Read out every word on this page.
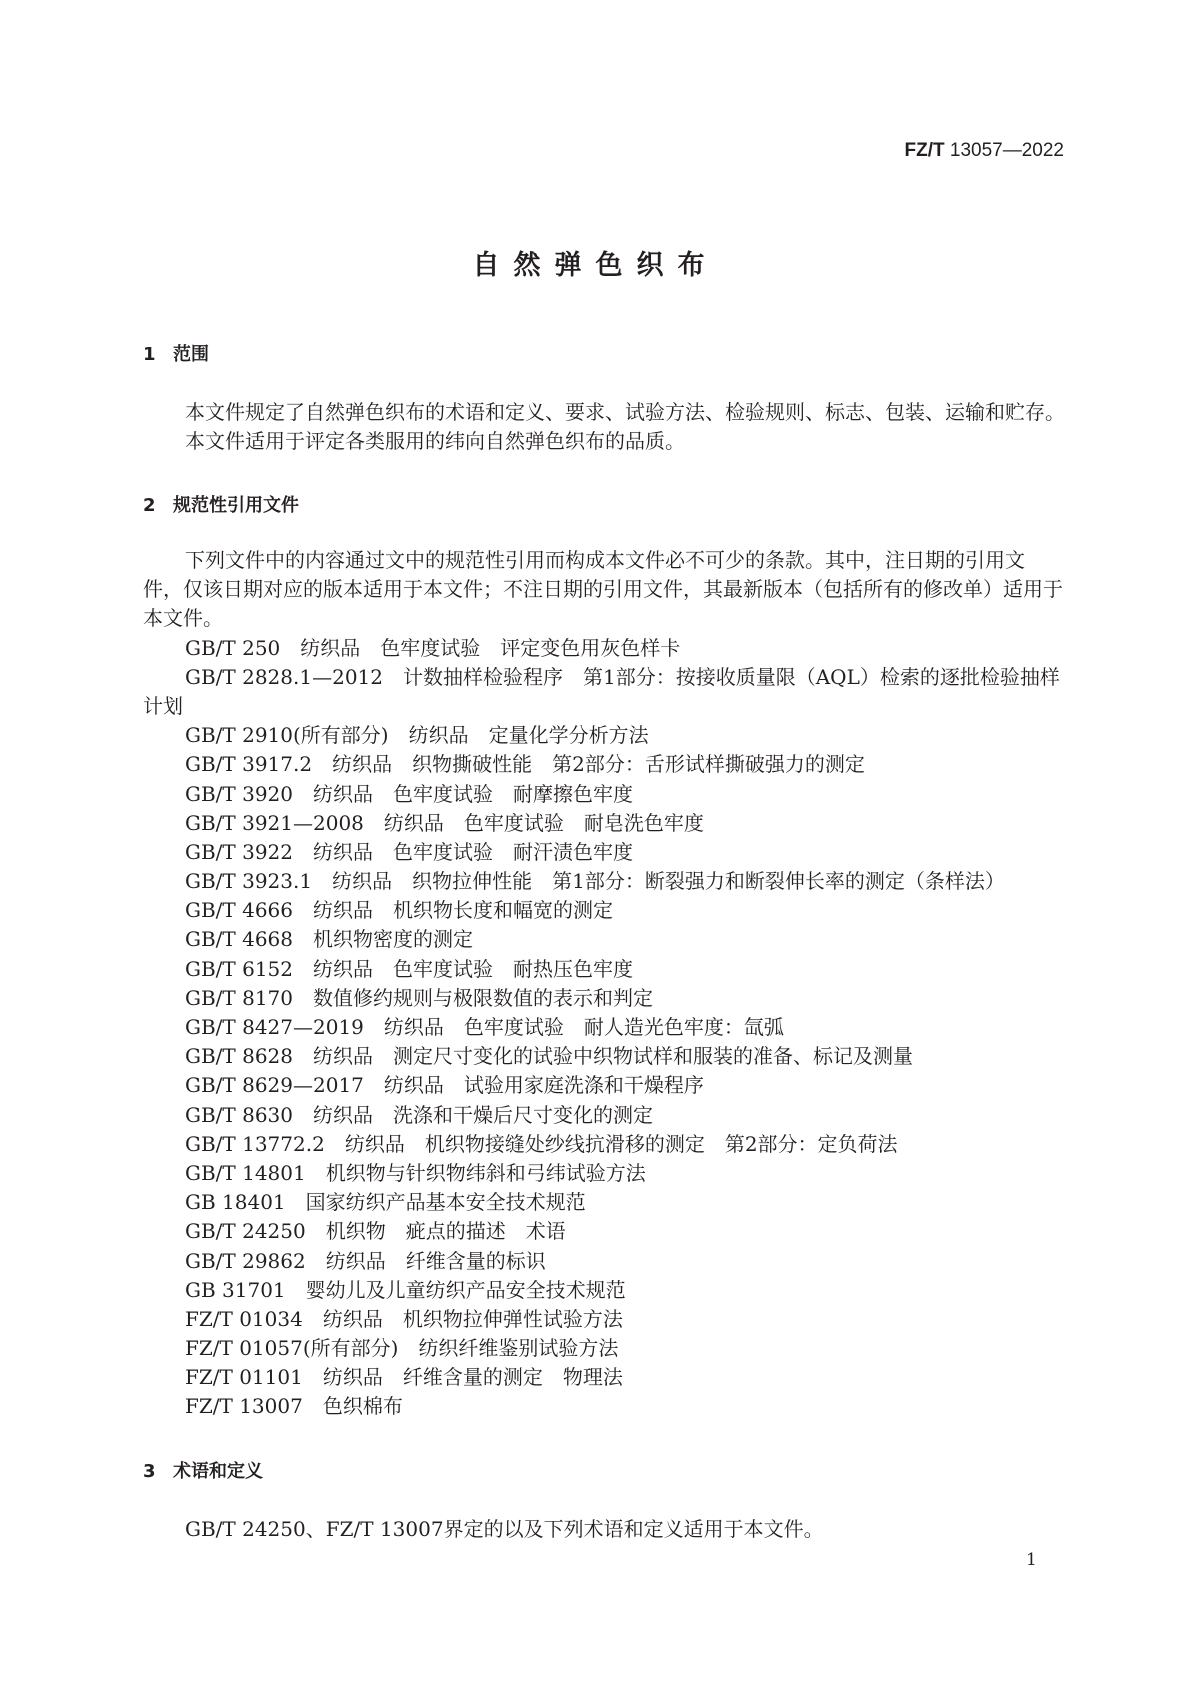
FZ/T 13057—2022
自然弹色织布
1 范围
本文件规定了自然弹色织布的术语和定义、要求、试验方法、检验规则、标志、包装、运输和贮存。
本文件适用于评定各类服用的纬向自然弹色织布的品质。
2 规范性引用文件
下列文件中的内容通过文中的规范性引用而构成本文件必不可少的条款。其中，注日期的引用文
件，仅该日期对应的版本适用于本文件；不注日期的引用文件，其最新版本（包括所有的修改单）适用于
本文件。
GB/T 250 纺织品　色牢度试验　评定变色用灰色样卡
GB/T 2828.1—2012 计数抽样检验程序　第1部分：按接收质量限（AQL）检索的逐批检验抽样
计划
GB/T 2910(所有部分) 纺织品　定量化学分析方法
GB/T 3917.2 纺织品　织物撕破性能　第2部分：舌形试样撕破强力的测定
GB/T 3920 纺织品　色牢度试验　耐摩擦色牢度
GB/T 3921—2008 纺织品　色牢度试验　耐皂洗色牢度
GB/T 3922 纺织品　色牢度试验　耐汗渍色牢度
GB/T 3923.1 纺织品　织物拉伸性能　第1部分：断裂强力和断裂伸长率的测定（条样法）
GB/T 4666 纺织品　机织物长度和幅宽的测定
GB/T 4668 机织物密度的测定
GB/T 6152 纺织品　色牢度试验　耐热压色牢度
GB/T 8170 数值修约规则与极限数值的表示和判定
GB/T 8427—2019 纺织品　色牢度试验　耐人造光色牢度：氙弧
GB/T 8628 纺织品　测定尺寸变化的试验中织物试样和服装的准备、标记及测量
GB/T 8629—2017 纺织品　试验用家庭洗涤和干燥程序
GB/T 8630 纺织品　洗涤和干燥后尺寸变化的测定
GB/T 13772.2 纺织品　机织物接缝处纱线抗滑移的测定　第2部分：定负荷法
GB/T 14801 机织物与针织物纬斜和弓纬试验方法
GB 18401 国家纺织产品基本安全技术规范
GB/T 24250 机织物　疵点的描述　术语
GB/T 29862 纺织品　纤维含量的标识
GB 31701 婴幼儿及儿童纺织产品安全技术规范
FZ/T 01034 纺织品　机织物拉伸弹性试验方法
FZ/T 01057(所有部分) 纺织纤维鉴别试验方法
FZ/T 01101 纺织品　纤维含量的测定　物理法
FZ/T 13007 色织棉布
3 术语和定义
GB/T 24250、FZ/T 13007界定的以及下列术语和定义适用于本文件。
1
